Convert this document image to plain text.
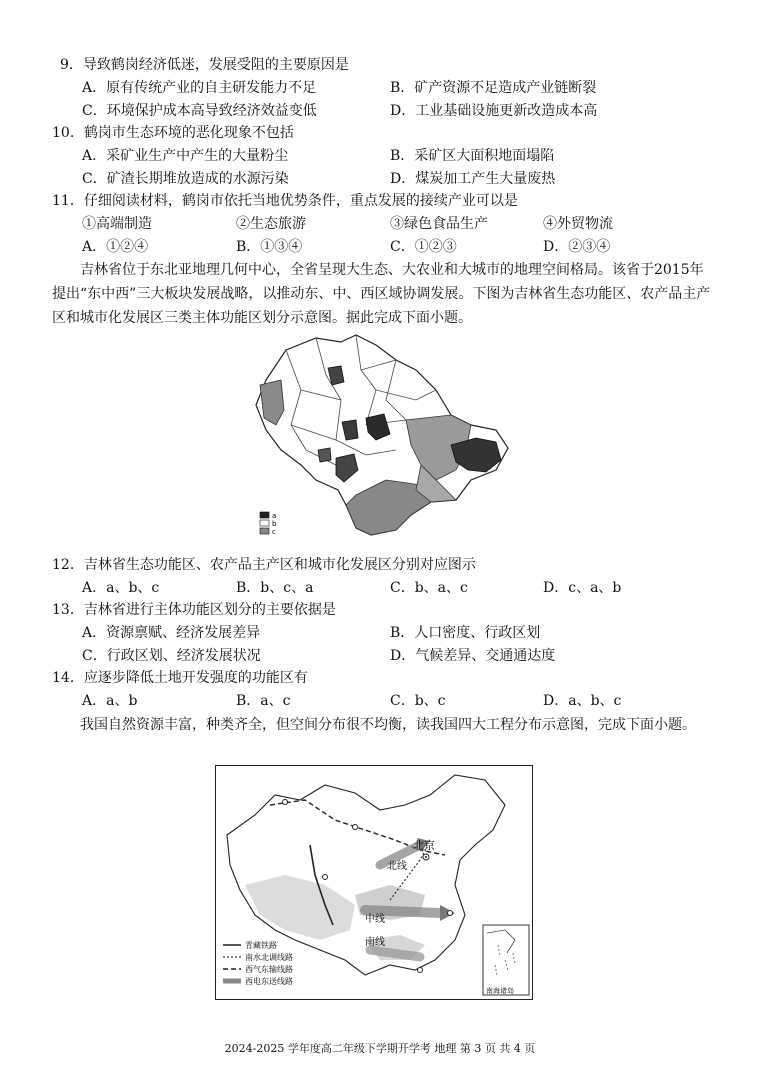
9．导致鹤岗经济低迷，发展受阻的主要原因是
A．原有传统产业的自主研发能力不足	B．矿产资源不足造成产业链断裂
C．环境保护成本高导致经济效益变低	D．工业基础设施更新改造成本高
10．鹤岗市生态环境的恶化现象不包括
A．采矿业生产中产生的大量粉尘	B．采矿区大面积地面塌陷
C．矿渣长期堆放造成的水源污染	D．煤炭加工产生大量废热
11．仔细阅读材料，鹤岗市依托当地优势条件，重点发展的接续产业可以是
①高端制造	②生态旅游	③绿色食品生产	④外贸物流
A．①②④	B．①③④	C．①②③	D．②③④
吉林省位于东北亚地理几何中心，全省呈现大生态、大农业和大城市的地理空间格局。该省于2015年提出“东中西”三大板块发展战略，以推动东、中、西区域协调发展。下图为吉林省生态功能区、农产品主产区和城市化发展区三类主体功能区划分示意图。据此完成下面小题。
a
b
c
12．吉林省生态功能区、农产品主产区和城市化发展区分别对应图示
A．a、b、c	B．b、c、a	C．b、a、c	D．c、a、b
13．吉林省进行主体功能区划分的主要依据是
A．资源禀赋、经济发展差异	B．人口密度、行政区划
C．行政区划、经济发展状况	D．气候差异、交通通达度
14．应逐步降低土地开发强度的功能区有
A．a、b	B．a、c	C．b、c	D．a、b、c
我国自然资源丰富，种类齐全，但空间分布很不均衡，读我国四大工程分布示意图，完成下面小题。
北京
北线
中线
南线
青藏铁路
南水北调线路
西气东输线路
西电东送线路
南海诸岛
2024-2025 学年度高二年级下学期开学考 地理 第 3 页 共 4 页
